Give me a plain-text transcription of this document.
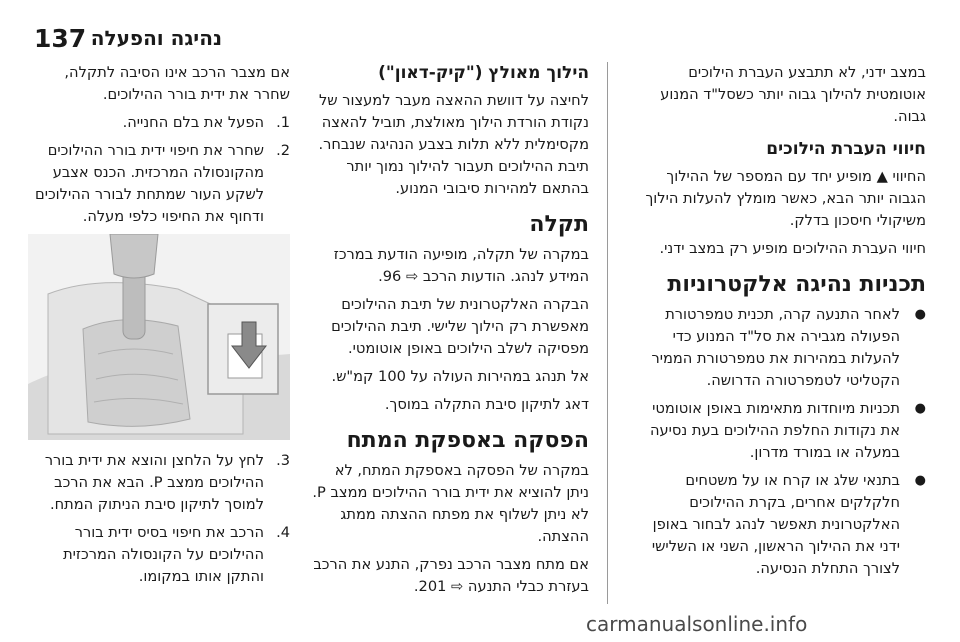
137 נהיגה והפעלה

במצב ידני, לא תתבצע העברת הילוכים אוטומטית להילוך גבוה יותר כשסל"ד המנוע גבוה.

חיווי העברת הילוכים

החיווי ▲ מופיע יחד עם המספר של ההילוך הגבוה יותר הבא, כאשר מומלץ להעלות הילוך משיקולי חיסכון בדלק.

חיווי העברת ההילוכים מופיע רק במצב ידני.

תכניות נהיגה אלקטרוניות
● לאחר התנעה קרה, תכנית טמפרטורת הפעולה מגבירה את סל"ד המנוע כדי להעלות במהירות את טמפרטורת הממיר הקטליטי לטמפרטורה הדרושה.
● תכניות מיוחדות מתאימות באופן אוטומטי את נקודות החלפת ההילוכים בעת נסיעה במעלה או במורד מדרון.
● בתנאי שלג או קרח או על משטחים חלקלקים אחרים, בקרת ההילוכים האלקטרונית תאפשר לנהג לבחור באופן ידני את ההילוך הראשון, השני או השלישי לצורך התחלת הנסיעה.
הילוך מאולץ ("קיק-דאון")

לחיצה על דוושת ההאצה מעבר למעצור של נקודת הורדת הילוך מאולצת, תוביל להאצה מקסימלית ללא תלות בצבע הנהיגה שנבחר. תיבת ההילוכים תעבור להילוך נמוך יותר בהתאם למהירות סיבובי המנוע.

תקלה

במקרה של תקלה, מופיעה הודעת במרכז המידע לנהג. הודעות הרכב ⇨ 96.

הבקרה האלקטרונית של תיבת ההילוכים מאפשרת רק הילוך שלישי. תיבת ההילוכים מפסיקה לשלב הילוכים באופן אוטומטי.

אל תנהג במהירות העולה על 100 קמ"ש.

דאג לתיקון סיבת התקלה במוסך.

הפסקה באספקת המתח

במקרה של הפסקה באספקת המתח, לא ניתן להוציא את ידית בורר ההילוכים ממצב P. לא ניתן לשלוף את מפתח ההצתה ממתג ההצתה.

אם מתח מצבר הרכב נפרק, התנע את הרכב בעזרת כבלי התנעה ⇨ 201.

אם מצבר הרכב אינו הסיבה לתקלה, שחרר את ידית בורר ההילוכים.

1.
הפעל את בלם החנייה.
2.
שחרר את חיפוי ידית בורר ההילוכים מהקונסולה המרכזית. הכנס אצבע לשקע העור שמתחת לבורר ההילוכים ודחוף את החיפוי כלפי מעלה.
3.
לחץ על הלחצן והוצא את ידית בורר ההילוכים ממצב P. הבא את הרכב למוסך לתיקון סיבת הניתוק המתח.
4.
הרכב את חיפוי בסיס ידית בורר ההילוכים על הקונסולה המרכזית והתקן אותו במקומו.
carmanualsonline.info
